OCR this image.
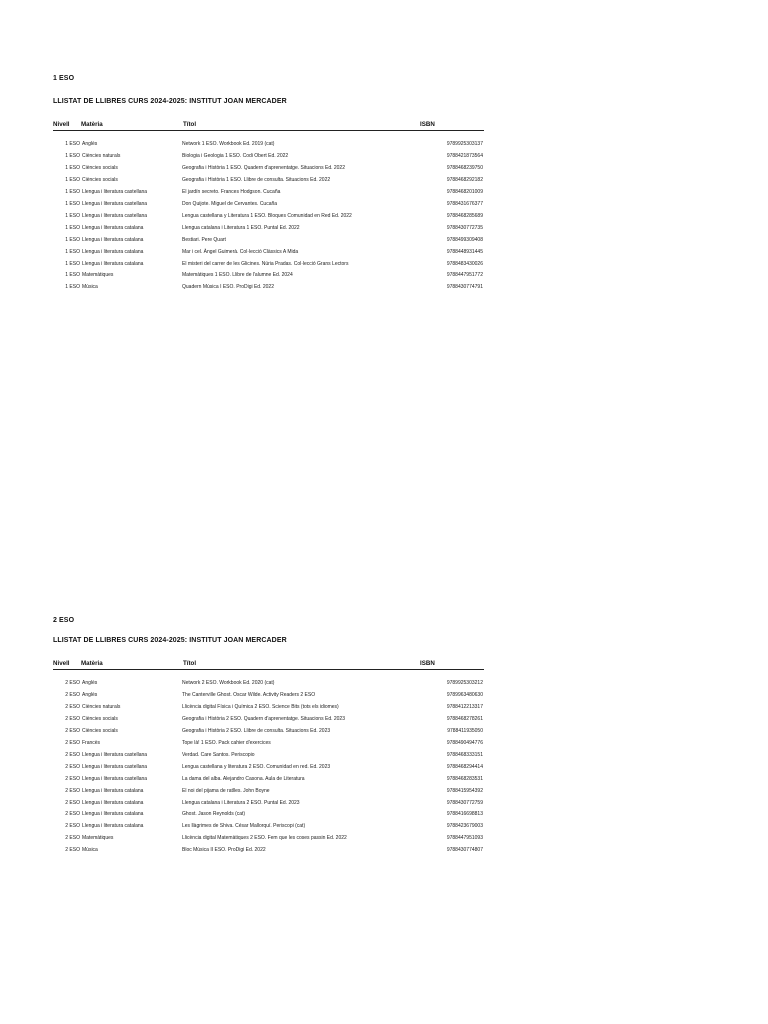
1 ESO
LLISTAT DE LLIBRES CURS 2024-2025: INSTITUT JOAN MERCADER
Nivell Matèria	Títol	ISBN
1 ESO Anglès	Network 1 ESO. Workbook Ed. 2019 (cat)	9789925303137
1 ESO Ciències naturals	Biologia i Geologia 1 ESO. Codi Obert Ed. 2022	9788421873564
1 ESO Ciències socials	Geografia i Història 1 ESO. Quadern d'aprenentatge. Situacions Ed. 2022	9788468239750
1 ESO Ciències socials	Geografia i Història 1 ESO. Llibre de consulta. Situacions Ed. 2022	9788468292182
1 ESO Llengua i literatura castellana	El jardín secreto. Frances Hodgson. Cucaña	9788468201009
1 ESO Llengua i literatura castellana	Don Quijote. Miguel de Cervantes. Cucaña	9788431676377
1 ESO Llengua i literatura castellana	Lengua castellana y Literatura 1 ESO. Bloques Comunidad en Red Ed. 2022	9788468285689
1 ESO Llengua i literatura catalana	Llengua catalana i Literatura 1 ESO. Puntal Ed. 2022	9788430772735
1 ESO Llengua i literatura catalana	Bestiari. Pere Quart	9788499309408
1 ESO Llengua i literatura catalana	Mar i cel. Àngel Guimerà. Col·lecció Clàssics A Mida	9788448931445
1 ESO Llengua i literatura catalana	El misteri del carrer de les Glicines. Núria Pradas. Col·lecció Grans Lectors	9788483430026
1 ESO Matemàtiques	Matemàtiques 1 ESO. Llibre de l'alumne Ed. 2024	9788447951772
1 ESO Música	Quadern Música I ESO. ProDigi Ed. 2022	9788430774791
2 ESO
LLISTAT DE LLIBRES CURS 2024-2025: INSTITUT JOAN MERCADER
Nivell Matèria	Títol	ISBN
2 ESO Anglès	Network 2 ESO. Workbook Ed. 2020 (cat)	9789925303212
2 ESO Anglès	The Canterville Ghost. Oscar Wilde. Activity Readers 2 ESO	9789963480630
2 ESO Ciències naturals	Llicència digital Física i Química 2 ESO. Science Bits (tots els idiomes)	9788412213317
2 ESO Ciències socials	Geografia i Història 2 ESO. Quadern d'aprenentatge. Situacions Ed. 2023	9788468278261
2 ESO Ciències socials	Geografia i Història 2 ESO. Llibre de consulta. Situacions Ed. 2023	9788411935050
2 ESO Francès	Tope là! 1 ESO. Pack cahier d'exercices	9788490494776
2 ESO Llengua i literatura castellana	Verdad. Care Santos. Periscopio	9788468333151
2 ESO Llengua i literatura castellana	Lengua castellana y literatura 2 ESO. Comunidad en red. Ed. 2023	9788468294414
2 ESO Llengua i literatura castellana	La dama del alba. Alejandro Casona. Aula de Literatura	9788468283531
2 ESO Llengua i literatura catalana	El noi del pijama de ratlles. John Boyne	9788415954392
2 ESO Llengua i literatura catalana	Llengua catalana i Literatura 2 ESO. Puntal Ed. 2023	9788430772759
2 ESO Llengua i literatura catalana	Ghost. Jason Reynolds (cat)	9788416698813
2 ESO Llengua i literatura catalana	Les llàgrimes de Shiva. César Mallorquí. Periscopi (cat)	9788423679003
2 ESO Matemàtiques	Llicència digital Matemàtiques 2 ESO. Fem que les coses passin Ed. 2022	9788447951093
2 ESO Música	Bloc Música II ESO. ProDigi Ed. 2022	9788430774807
